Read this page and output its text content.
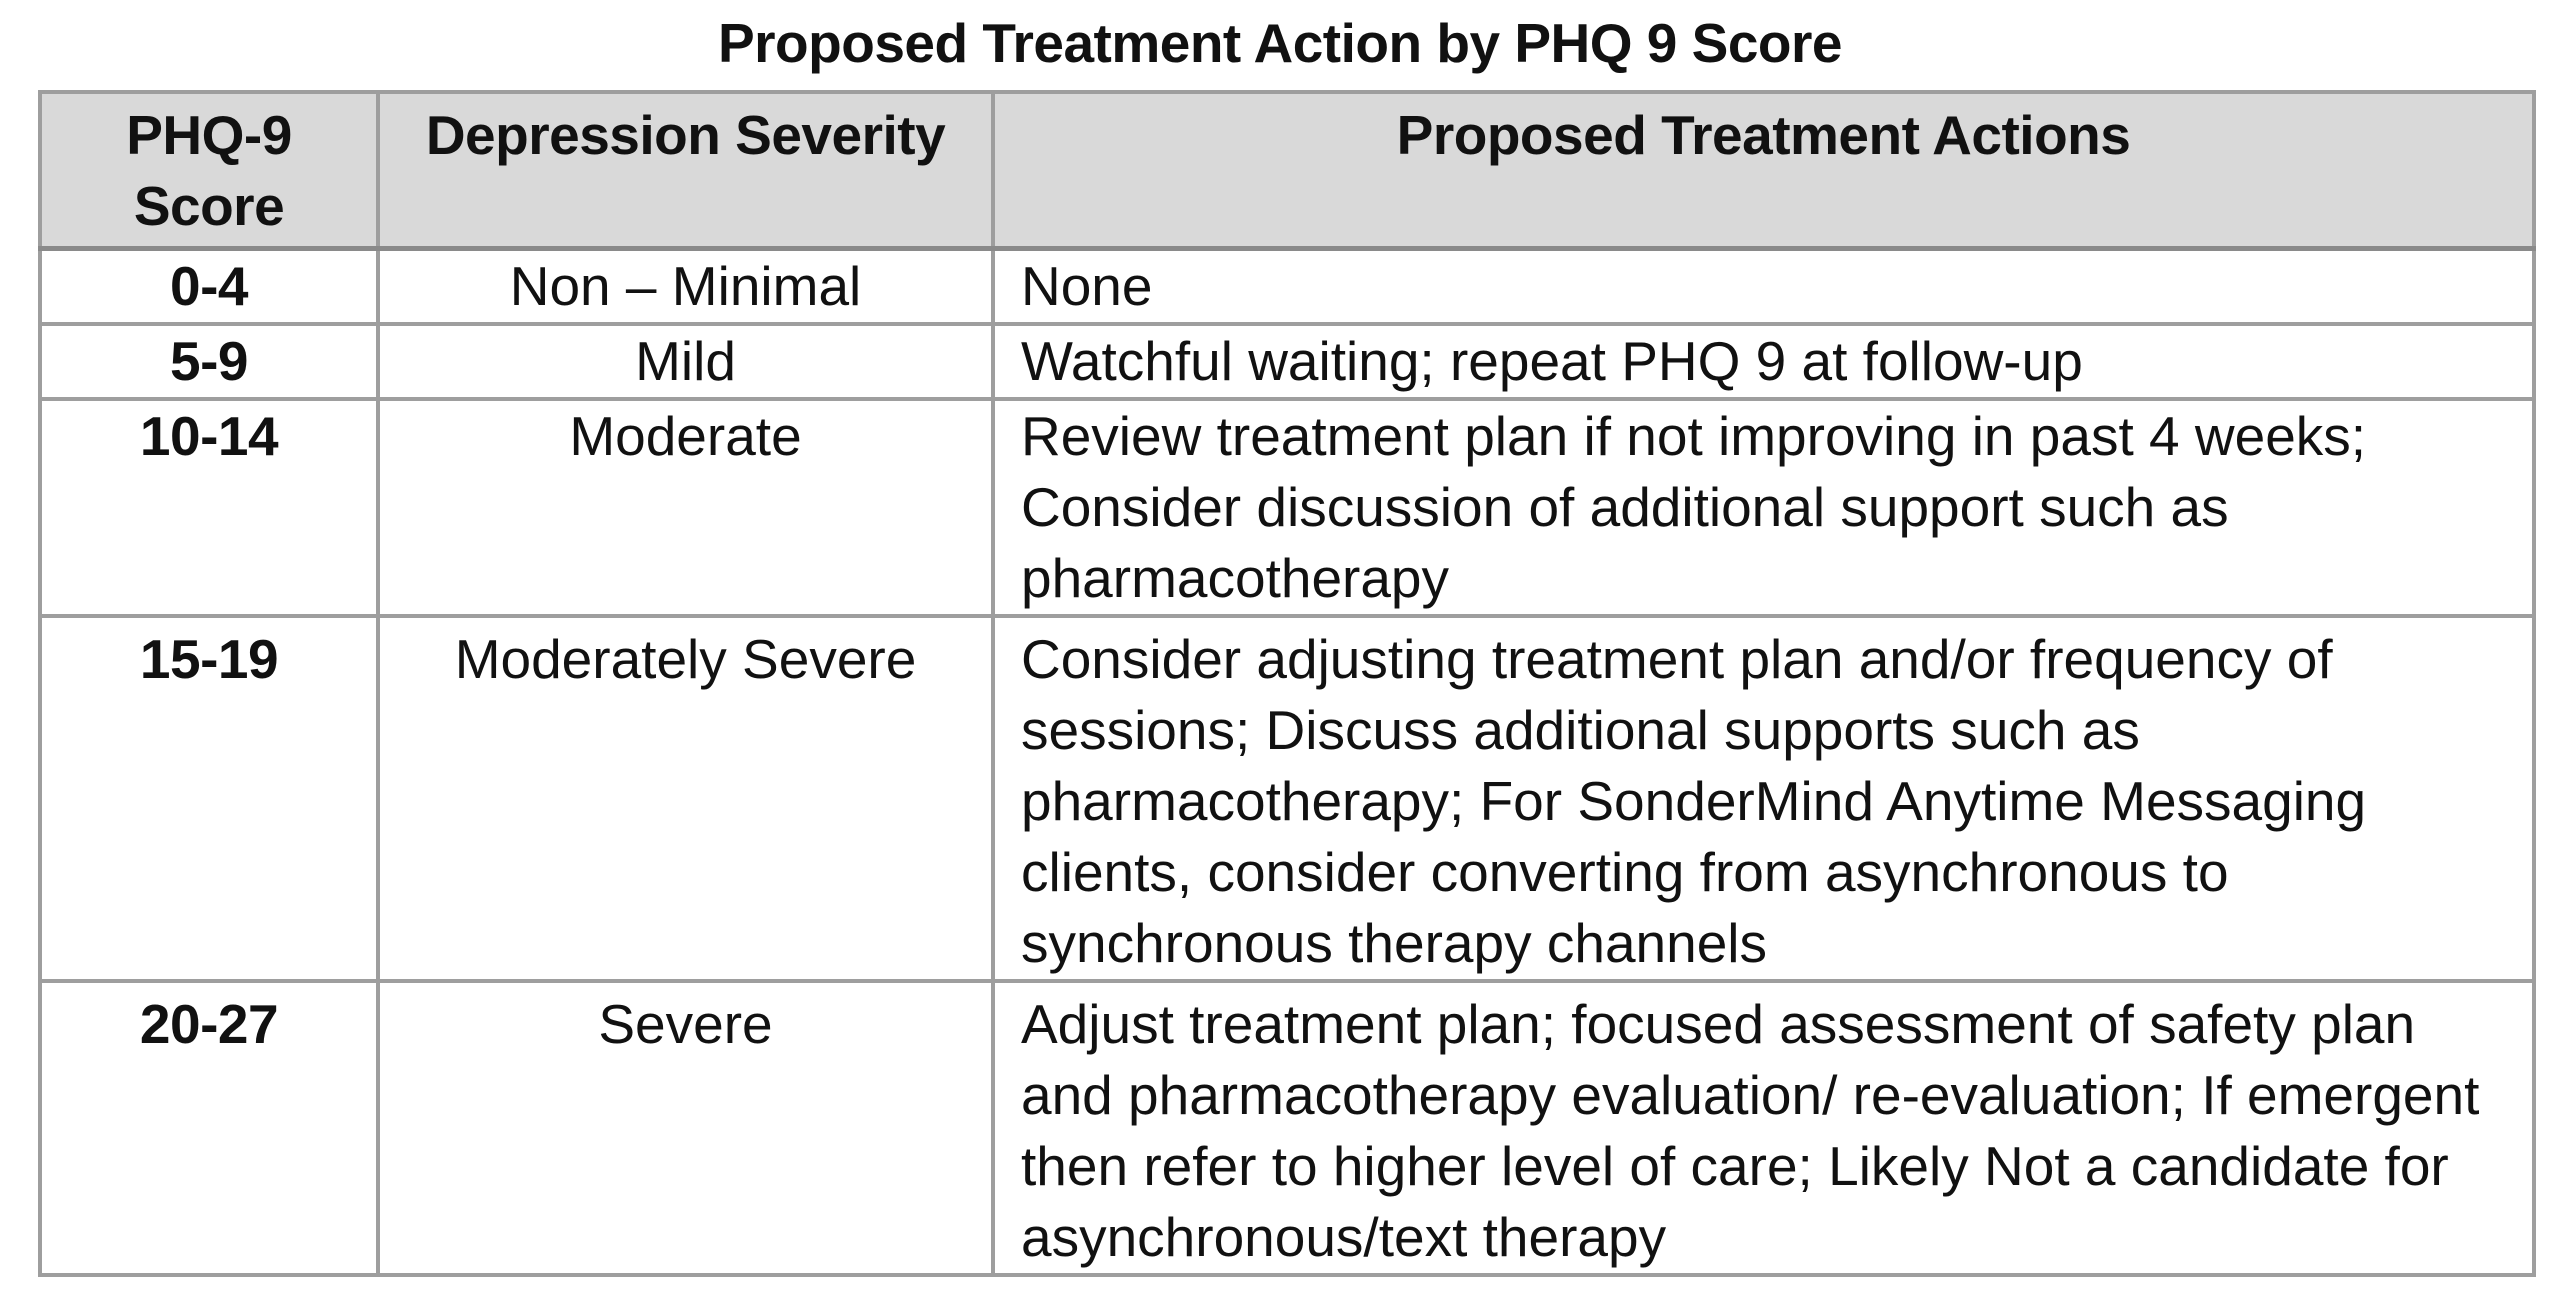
Proposed Treatment Action by PHQ 9 Score
PHQ-9 Score	Depression Severity	Proposed Treatment Actions
0-4	Non – Minimal	None
5-9	Mild	Watchful waiting; repeat PHQ 9 at follow-up
10-14	Moderate	Review treatment plan if not improving in past 4 weeks; Consider discussion of additional support such as pharmacotherapy
15-19	Moderately Severe	Consider adjusting treatment plan and/or frequency of sessions; Discuss additional supports such as pharmacotherapy; For SonderMind Anytime Messaging clients, consider converting from asynchronous to synchronous therapy channels
20-27	Severe	Adjust treatment plan; focused assessment of safety plan and pharmacotherapy evaluation/ re-evaluation; If emergent then refer to higher level of care; Likely Not a candidate for asynchronous/text therapy
